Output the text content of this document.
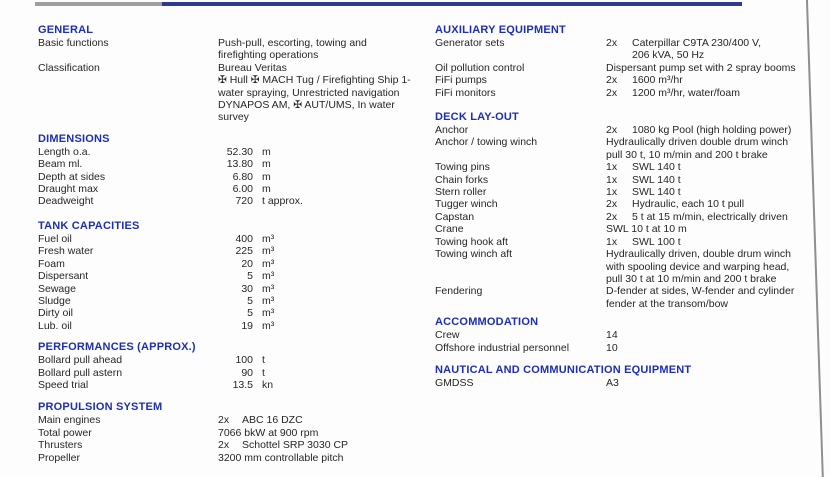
GENERAL
Basic functions	Push-pull, escorting, towing and
firefighting operations
Classification	Bureau Veritas
✠ Hull ✠ MACH Tug / Firefighting Ship 1-
water spraying, Unrestricted navigation
DYNAPOS AM, ✠ AUT/UMS, In water
survey
DIMENSIONS
Length o.a.	52.30 m
Beam ml.	13.80 m
Depth at sides	6.80 m
Draught max	6.00 m
Deadweight	720 t approx.
TANK CAPACITIES
Fuel oil	400 m³
Fresh water	225 m³
Foam	20 m³
Dispersant	5 m³
Sewage	30 m³
Sludge	5 m³
Dirty oil	5 m³
Lub. oil	19 m³
PERFORMANCES (APPROX.)
Bollard pull ahead	100 t
Bollard pull astern	90 t
Speed trial	13.5 kn
PROPULSION SYSTEM
Main engines	2x ABC 16 DZC
Total power	7066 bkW at 900 rpm
Thrusters	2x Schottel SRP 3030 CP
Propeller	3200 mm controllable pitch
AUXILIARY EQUIPMENT
Generator sets	2x Caterpillar C9TA 230/400 V,
206 kVA, 50 Hz
Oil pollution control	Dispersant pump set with 2 spray booms
FiFi pumps	2x 1600 m³/hr
FiFi monitors	2x 1200 m³/hr, water/foam
DECK LAY-OUT
Anchor	2x 1080 kg Pool (high holding power)
Anchor / towing winch	Hydraulically driven double drum winch
pull 30 t, 10 m/min and 200 t brake
Towing pins	1x SWL 140 t
Chain forks	1x SWL 140 t
Stern roller	1x SWL 140 t
Tugger winch	2x Hydraulic, each 10 t pull
Capstan	2x 5 t at 15 m/min, electrically driven
Crane	SWL 10 t at 10 m
Towing hook aft	1x SWL 100 t
Towing winch aft	Hydraulically driven, double drum winch
with spooling device and warping head,
pull 30 t at 10 m/min and 200 t brake
Fendering	D-fender at sides, W-fender and cylinder
fender at the transom/bow
ACCOMMODATION
Crew	14
Offshore industrial personnel	10
NAUTICAL AND COMMUNICATION EQUIPMENT
GMDSS	A3
